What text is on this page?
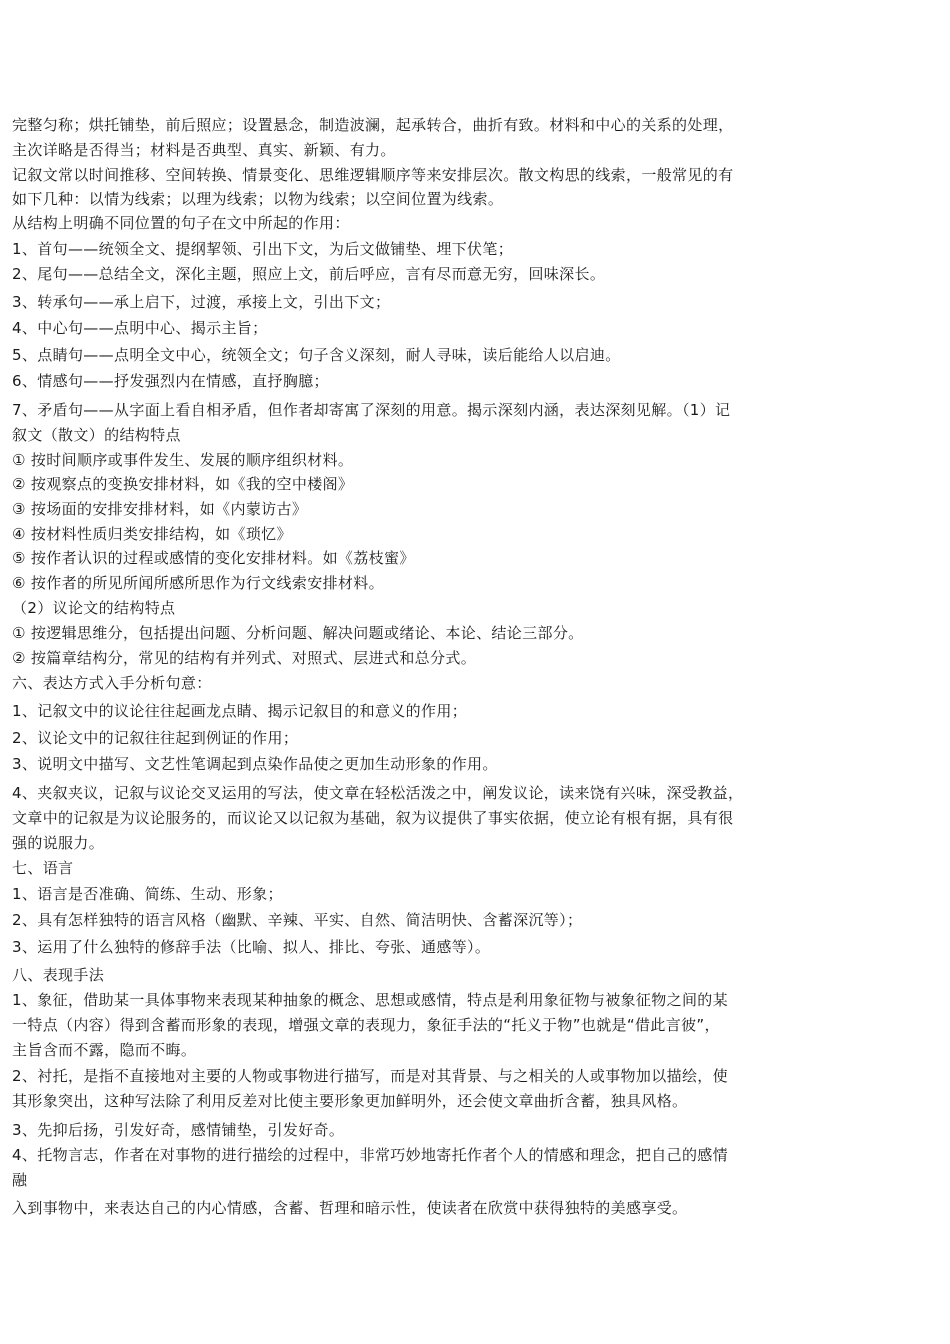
完整匀称；烘托铺垫，前后照应；设置悬念，制造波澜，起承转合，曲折有致。材料和中心的关系的处理，
主次详略是否得当；材料是否典型、真实、新颖、有力。
记叙文常以时间推移、空间转换、情景变化、思维逻辑顺序等来安排层次。散文构思的线索，一般常见的有
如下几种：以情为线索；以理为线索；以物为线索；以空间位置为线索。
从结构上明确不同位置的句子在文中所起的作用：
1、首句——统领全文、提纲挈领、引出下文，为后文做铺垫、埋下伏笔；
2、尾句——总结全文，深化主题，照应上文，前后呼应，言有尽而意无穷，回味深长。
3、转承句——承上启下，过渡，承接上文，引出下文；
4、中心句——点明中心、揭示主旨；
5、点睛句——点明全文中心，统领全文；句子含义深刻，耐人寻味，读后能给人以启迪。
6、情感句——抒发强烈内在情感，直抒胸臆；
7、矛盾句——从字面上看自相矛盾，但作者却寄寓了深刻的用意。揭示深刻内涵，表达深刻见解。（1）记
叙文（散文）的结构特点
① 按时间顺序或事件发生、发展的顺序组织材料。
② 按观察点的变换安排材料，如《我的空中楼阁》
③ 按场面的安排安排材料，如《内蒙访古》
④ 按材料性质归类安排结构，如《琐忆》
⑤ 按作者认识的过程或感情的变化安排材料。如《荔枝蜜》
⑥ 按作者的所见所闻所感所思作为行文线索安排材料。
（2）议论文的结构特点
① 按逻辑思维分，包括提出问题、分析问题、解决问题或绪论、本论、结论三部分。
② 按篇章结构分，常见的结构有并列式、对照式、层进式和总分式。
六、表达方式入手分析句意：
1、记叙文中的议论往往起画龙点睛、揭示记叙目的和意义的作用；
2、议论文中的记叙往往起到例证的作用；
3、说明文中描写、文艺性笔调起到点染作品使之更加生动形象的作用。
4、夹叙夹议，记叙与议论交叉运用的写法，使文章在轻松活泼之中，阐发议论，读来饶有兴味，深受教益，
文章中的记叙是为议论服务的，而议论又以记叙为基础，叙为议提供了事实依据，使立论有根有据，具有很
强的说服力。
七、语言
1、语言是否准确、简练、生动、形象；
2、具有怎样独特的语言风格（幽默、辛辣、平实、自然、简洁明快、含蓄深沉等）；
3、运用了什么独特的修辞手法（比喻、拟人、排比、夸张、通感等）。
八、表现手法
1、象征，借助某一具体事物来表现某种抽象的概念、思想或感情，特点是利用象征物与被象征物之间的某
一特点（内容）得到含蓄而形象的表现，增强文章的表现力，象征手法的“托义于物”也就是“借此言彼”，
主旨含而不露，隐而不晦。
2、衬托，是指不直接地对主要的人物或事物进行描写，而是对其背景、与之相关的人或事物加以描绘，使
其形象突出，这种写法除了利用反差对比使主要形象更加鲜明外，还会使文章曲折含蓄，独具风格。
3、先抑后扬，引发好奇，感情铺垫，引发好奇。
4、托物言志，作者在对事物的进行描绘的过程中，非常巧妙地寄托作者个人的情感和理念，把自己的感情
融
入到事物中，来表达自己的内心情感，含蓄、哲理和暗示性，使读者在欣赏中获得独特的美感享受。
